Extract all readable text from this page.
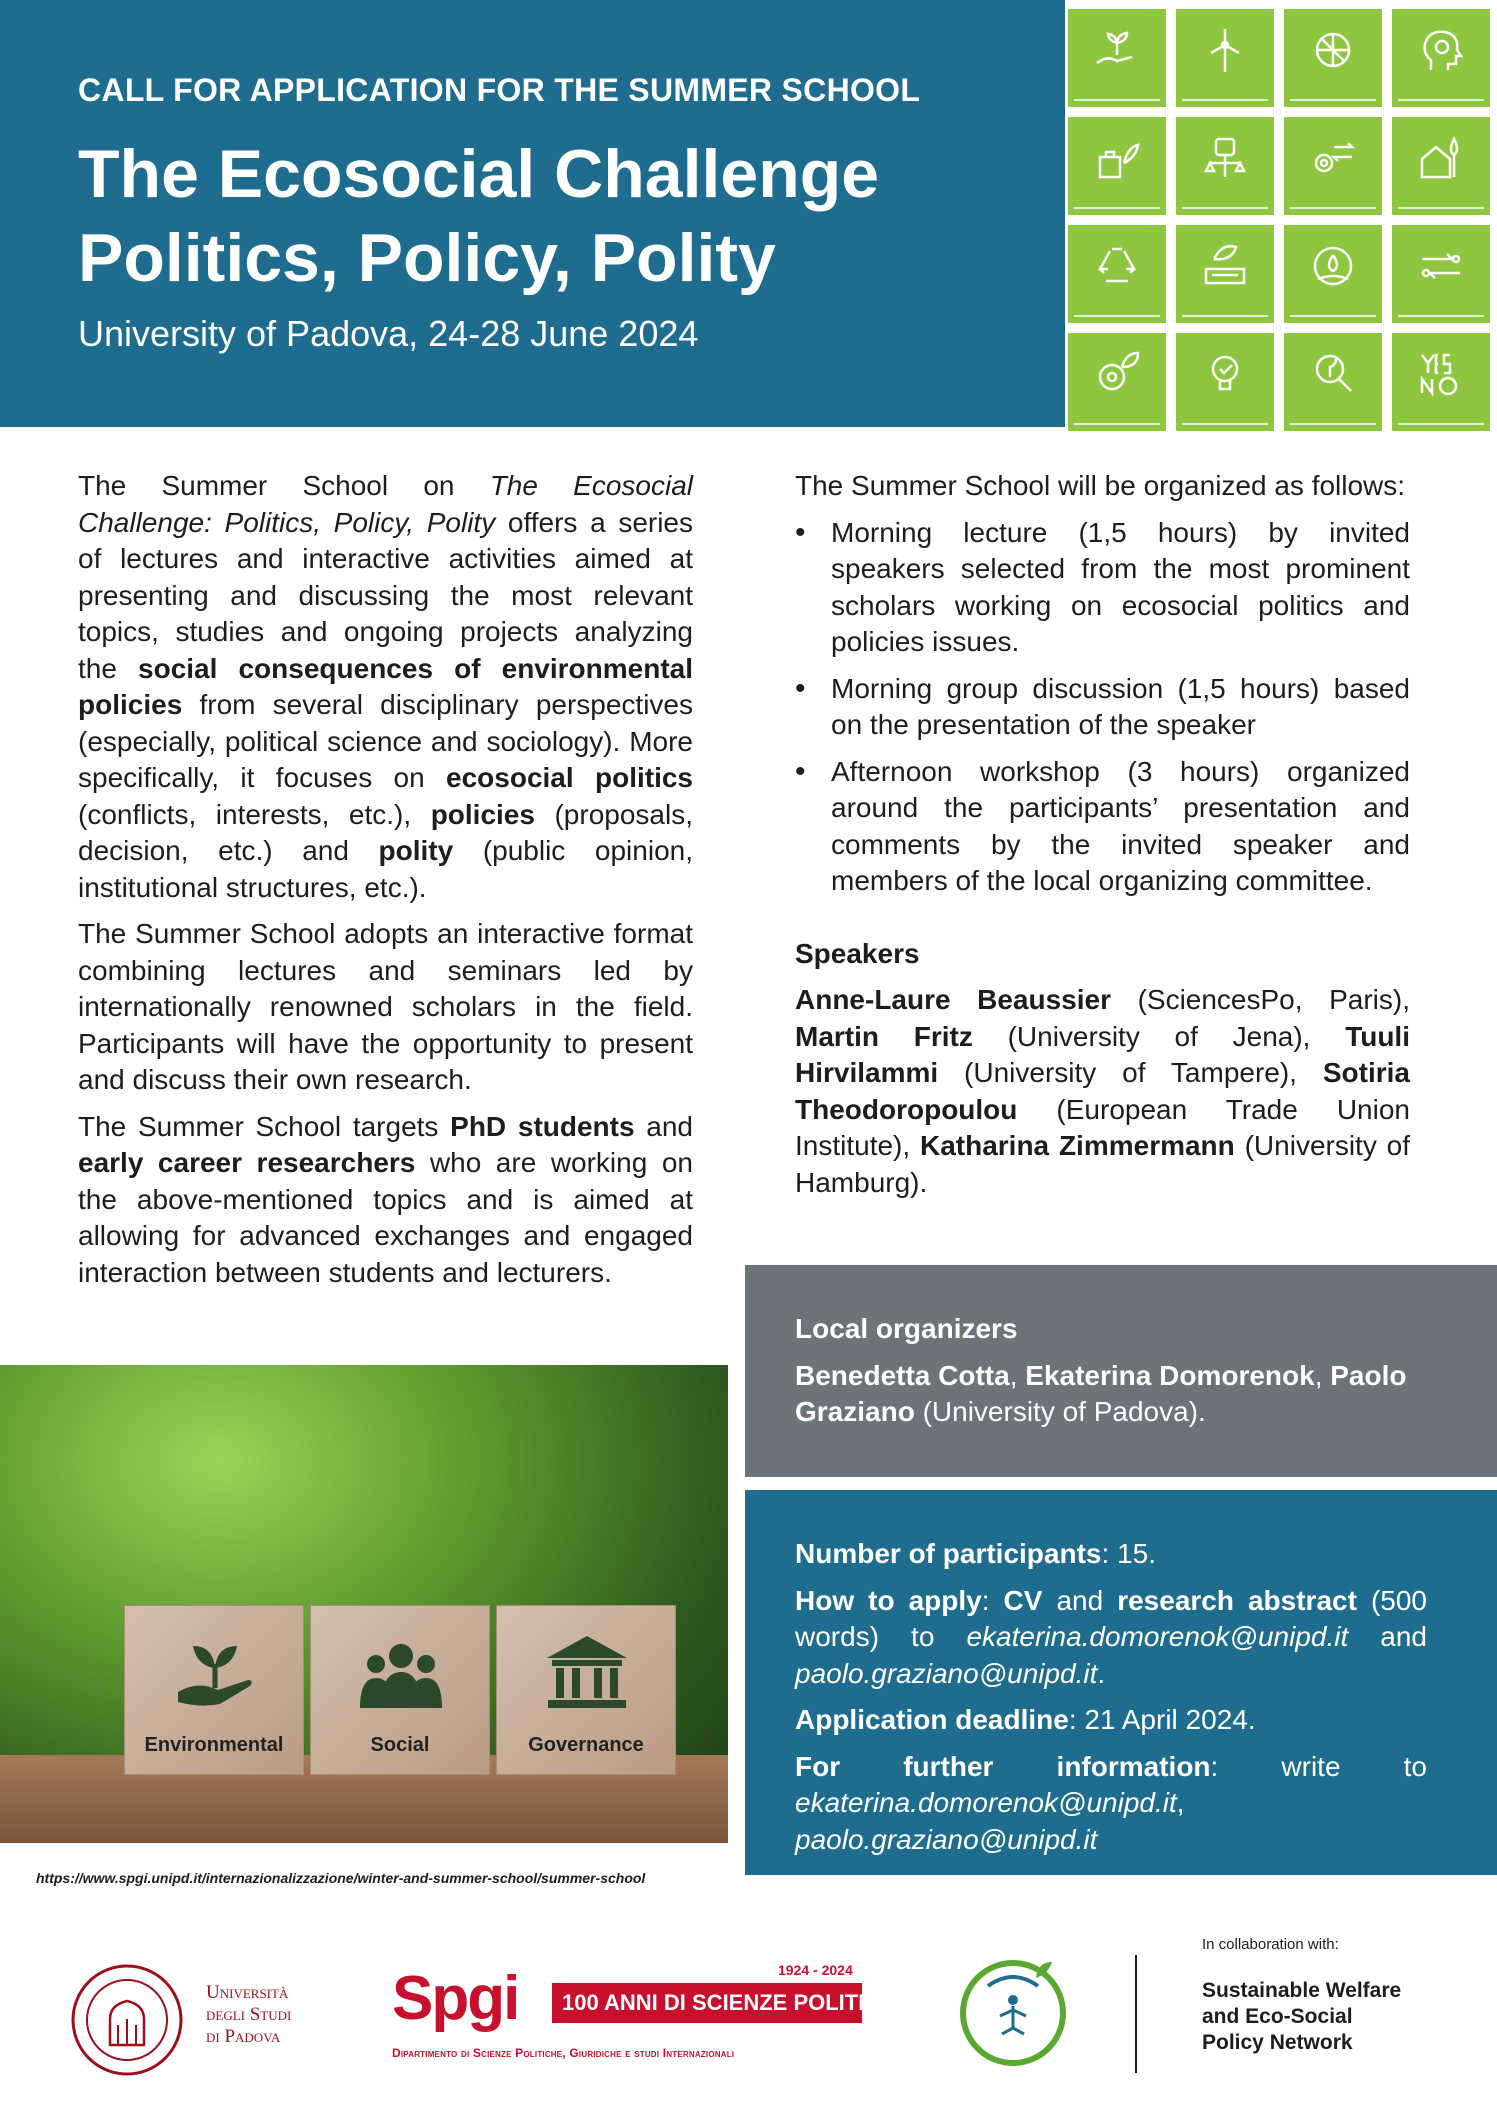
CALL FOR APPLICATION FOR THE SUMMER SCHOOL
The Ecosocial Challenge
Politics, Policy, Polity
University of Padova, 24-28 June 2024

The Summer School on The Ecosocial Challenge: Politics, Policy, Polity offers a series of lectures and interactive activities aimed at presenting and discussing the most relevant topics, studies and ongoing projects analyzing the social consequences of environmental policies from several disciplinary perspectives (especially, political science and sociology). More specifically, it focuses on ecosocial politics (conflicts, interests, etc.), policies (proposals, decision, etc.) and polity (public opinion, institutional structures, etc.).

The Summer School adopts an interactive format combining lectures and seminars led by internationally renowned scholars in the field. Participants will have the opportunity to present and discuss their own research.

The Summer School targets PhD students and early career researchers who are working on the above-mentioned topics and is aimed at allowing for advanced exchanges and engaged interaction between students and lecturers.

The Summer School will be organized as follows:

• Morning lecture (1,5 hours) by invited speakers selected from the most prominent scholars working on ecosocial politics and policies issues.
• Morning group discussion (1,5 hours) based on the presentation of the speaker
• Afternoon workshop (3 hours) organized around the participants’ presentation and comments by the invited speaker and members of the local organizing committee.
Speakers

Anne-Laure Beaussier (SciencesPo, Paris), Martin Fritz (University of Jena), Tuuli Hirvilammi (University of Tampere), Sotiria Theodoropoulou (European Trade Union Institute), Katharina Zimmermann (University of Hamburg).

Local organizers

Benedetta Cotta, Ekaterina Domorenok, Paolo Graziano (University of Padova).

Number of participants: 15.

How to apply: CV and research abstract (500 words) to ekaterina.domorenok@unipd.it and paolo.graziano@unipd.it.

Application deadline: 21 April 2024.

For further information: write to ekaterina.domorenok@unipd.it, paolo.graziano@unipd.it

Environmental	Social	Governance
https://www.spgi.unipd.it/internazionalizzazione/winter-and-summer-school/summer-school
Università
degli Studi
di Padova
Spgi	1924 - 2024
100 ANNI DI SCIENZE POLITICHE
Dipartimento di Scienze Politiche, Giuridiche e studi Internazionali
In collaboration with:
Sustainable Welfare
and Eco-Social
Policy Network
